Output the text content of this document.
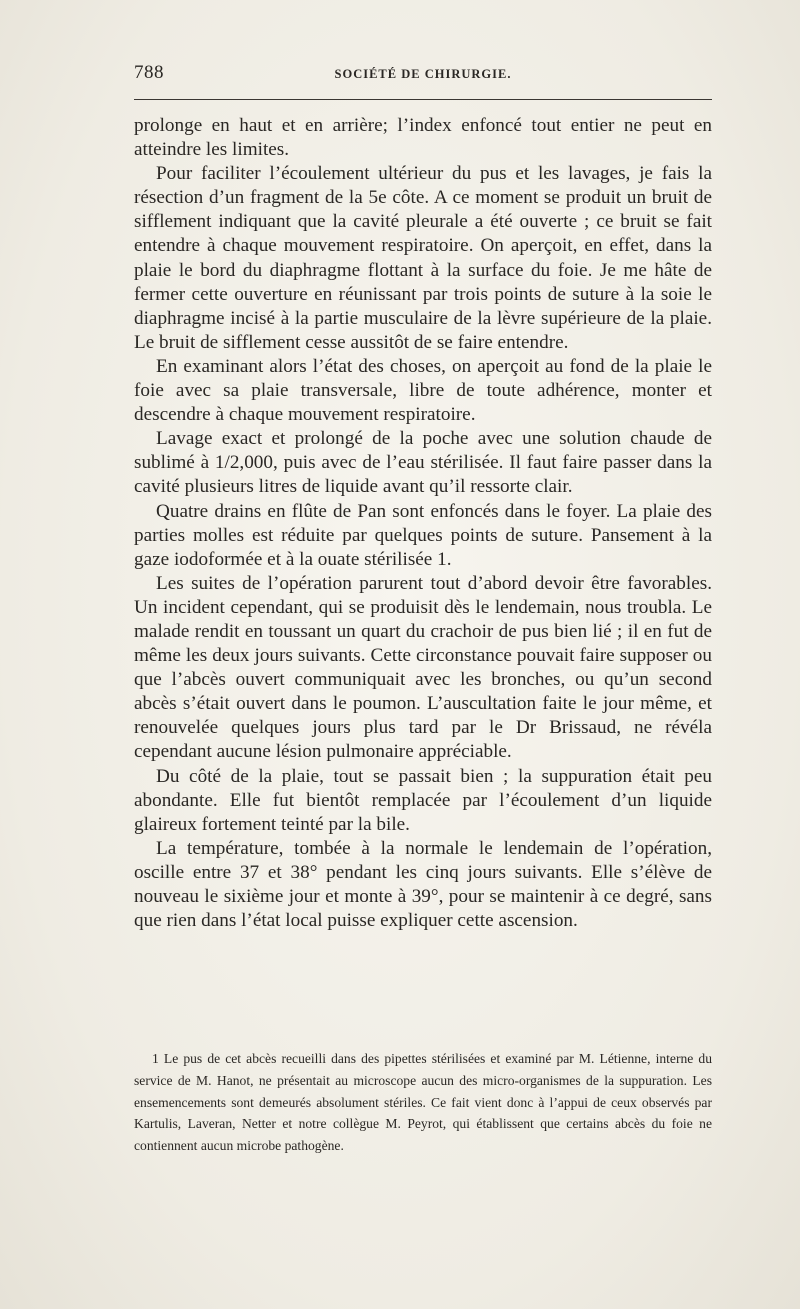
788	SOCIÉTÉ DE CHIRURGIE.

prolonge en haut et en arrière; l’index enfoncé tout entier ne peut en atteindre les limites.

Pour faciliter l’écoulement ultérieur du pus et les lavages, je fais la résection d’un fragment de la 5e côte. A ce moment se produit un bruit de sifflement indiquant que la cavité pleurale a été ouverte ; ce bruit se fait entendre à chaque mouvement respiratoire. On aperçoit, en effet, dans la plaie le bord du diaphragme flottant à la surface du foie. Je me hâte de fermer cette ouverture en réunissant par trois points de suture à la soie le diaphragme incisé à la partie musculaire de la lèvre supérieure de la plaie. Le bruit de sifflement cesse aussitôt de se faire entendre.

En examinant alors l’état des choses, on aperçoit au fond de la plaie le foie avec sa plaie transversale, libre de toute adhérence, monter et descendre à chaque mouvement respiratoire.

Lavage exact et prolongé de la poche avec une solution chaude de sublimé à 1/2,000, puis avec de l’eau stérilisée. Il faut faire passer dans la cavité plusieurs litres de liquide avant qu’il ressorte clair.

Quatre drains en flûte de Pan sont enfoncés dans le foyer. La plaie des parties molles est réduite par quelques points de suture. Pansement à la gaze iodoformée et à la ouate stérilisée 1.

Les suites de l’opération parurent tout d’abord devoir être favorables. Un incident cependant, qui se produisit dès le lendemain, nous troubla. Le malade rendit en toussant un quart du crachoir de pus bien lié ; il en fut de même les deux jours suivants. Cette circonstance pouvait faire supposer ou que l’abcès ouvert communiquait avec les bronches, ou qu’un second abcès s’était ouvert dans le poumon. L’auscultation faite le jour même, et renouvelée quelques jours plus tard par le Dr Brissaud, ne révéla cependant aucune lésion pulmonaire appréciable.

Du côté de la plaie, tout se passait bien ; la suppuration était peu abondante. Elle fut bientôt remplacée par l’écoulement d’un liquide glaireux fortement teinté par la bile.

La température, tombée à la normale le lendemain de l’opération, oscille entre 37 et 38° pendant les cinq jours suivants. Elle s’élève de nouveau le sixième jour et monte à 39°, pour se maintenir à ce degré, sans que rien dans l’état local puisse expliquer cette ascension.

1 Le pus de cet abcès recueilli dans des pipettes stérilisées et examiné par M. Létienne, interne du service de M. Hanot, ne présentait au microscope aucun des micro-organismes de la suppuration. Les ensemencements sont demeurés absolument stériles. Ce fait vient donc à l’appui de ceux observés par Kartulis, Laveran, Netter et notre collègue M. Peyrot, qui établissent que certains abcès du foie ne contiennent aucun microbe pathogène.
